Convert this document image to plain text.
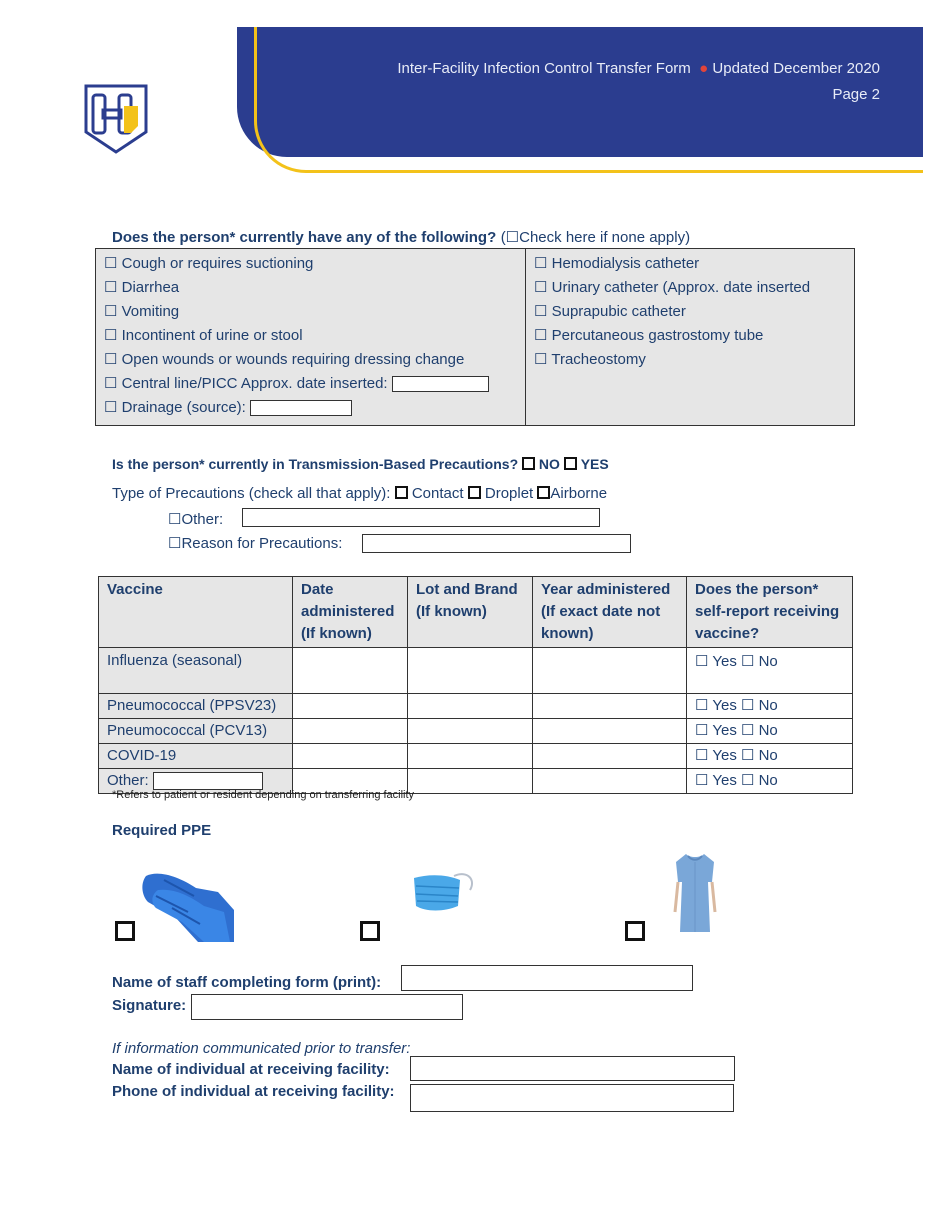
Inter-Facility Infection Control Transfer Form ● Updated December 2020
Page 2
Does the person* currently have any of the following? (☐Check here if none apply)
☐ Cough or requires suctioning
☐ Diarrhea
☐ Vomiting
☐ Incontinent of urine or stool
☐ Open wounds or wounds requiring dressing change
☐ Central line/PICC Approx. date inserted:
☐ Drainage (source):
☐ Hemodialysis catheter
☐ Urinary catheter (Approx. date inserted
☐ Suprapubic catheter
☐ Percutaneous gastrostomy tube
☐ Tracheostomy
Is the person* currently in Transmission-Based Precautions? NO YES
Type of Precautions (check all that apply): Contact Droplet Airborne
☐Other:
☐Reason for Precautions:
Vaccine	Date administered (If known)	Lot and Brand (If known)	Year administered (If exact date not known)	Does the person* self-report receiving vaccine?
Influenza (seasonal)				☐ Yes ☐ No
Pneumococcal (PPSV23)				☐ Yes ☐ No
Pneumococcal (PCV13)				☐ Yes ☐ No
COVID-19				☐ Yes ☐ No
Other:				☐ Yes ☐ No
*Refers to patient or resident depending on transferring facility
Required PPE
Name of staff completing form (print):
Signature:
If information communicated prior to transfer:
Name of individual at receiving facility:
Phone of individual at receiving facility:
